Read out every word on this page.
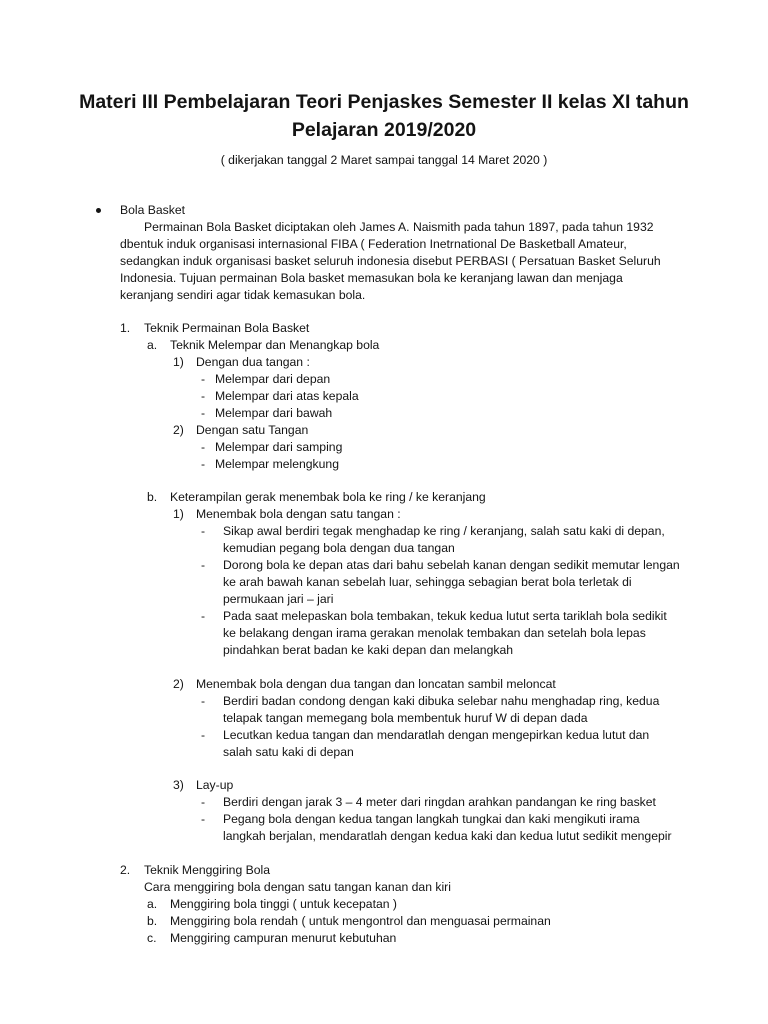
Materi III Pembelajaran Teori Penjaskes Semester II kelas XI tahun
Pelajaran 2019/2020
( dikerjakan tanggal 2 Maret sampai tanggal 14 Maret 2020 )
Bola Basket
Permainan Bola Basket diciptakan oleh James A. Naismith pada tahun 1897, pada tahun 1932
dbentuk induk organisasi internasional FIBA ( Federation Inetrnational De Basketball Amateur,
sedangkan induk organisasi basket seluruh indonesia disebut PERBASI ( Persatuan Basket Seluruh
Indonesia. Tujuan permainan Bola basket memasukan bola ke keranjang lawan dan menjaga
keranjang sendiri agar tidak kemasukan bola.
1. Teknik Permainan Bola Basket
a. Teknik Melempar dan Menangkap bola
1) Dengan dua tangan :
- Melempar dari depan
- Melempar dari atas kepala
- Melempar dari bawah
2) Dengan satu Tangan
- Melempar dari samping
- Melempar melengkung
b. Keterampilan gerak menembak bola ke ring / ke keranjang
1) Menembak bola dengan satu tangan :
- Sikap awal berdiri tegak menghadap ke ring / keranjang, salah satu kaki di depan,
kemudian pegang bola dengan dua tangan
- Dorong bola ke depan atas dari bahu sebelah kanan dengan sedikit memutar lengan
ke arah bawah kanan sebelah luar, sehingga sebagian berat bola terletak di
permukaan jari – jari
- Pada saat melepaskan bola tembakan, tekuk kedua lutut serta tariklah bola sedikit
ke belakang dengan irama gerakan menolak tembakan dan setelah bola lepas
pindahkan berat badan ke kaki depan dan melangkah
2) Menembak bola dengan dua tangan dan loncatan sambil meloncat
- Berdiri badan condong dengan kaki dibuka selebar nahu menghadap ring, kedua
telapak tangan memegang bola membentuk huruf W di depan dada
- Lecutkan kedua tangan dan mendaratlah dengan mengepirkan kedua lutut dan
salah satu kaki di depan
3) Lay-up
- Berdiri dengan jarak 3 – 4 meter dari ringdan arahkan pandangan ke ring basket
- Pegang bola dengan kedua tangan langkah tungkai dan kaki mengikuti irama
langkah berjalan, mendaratlah dengan kedua kaki dan kedua lutut sedikit mengepir
2. Teknik Menggiring Bola
Cara menggiring bola dengan satu tangan kanan dan kiri
a. Menggiring bola tinggi ( untuk kecepatan )
b. Menggiring bola rendah ( untuk mengontrol dan menguasai permainan
c. Menggiring campuran menurut kebutuhan
